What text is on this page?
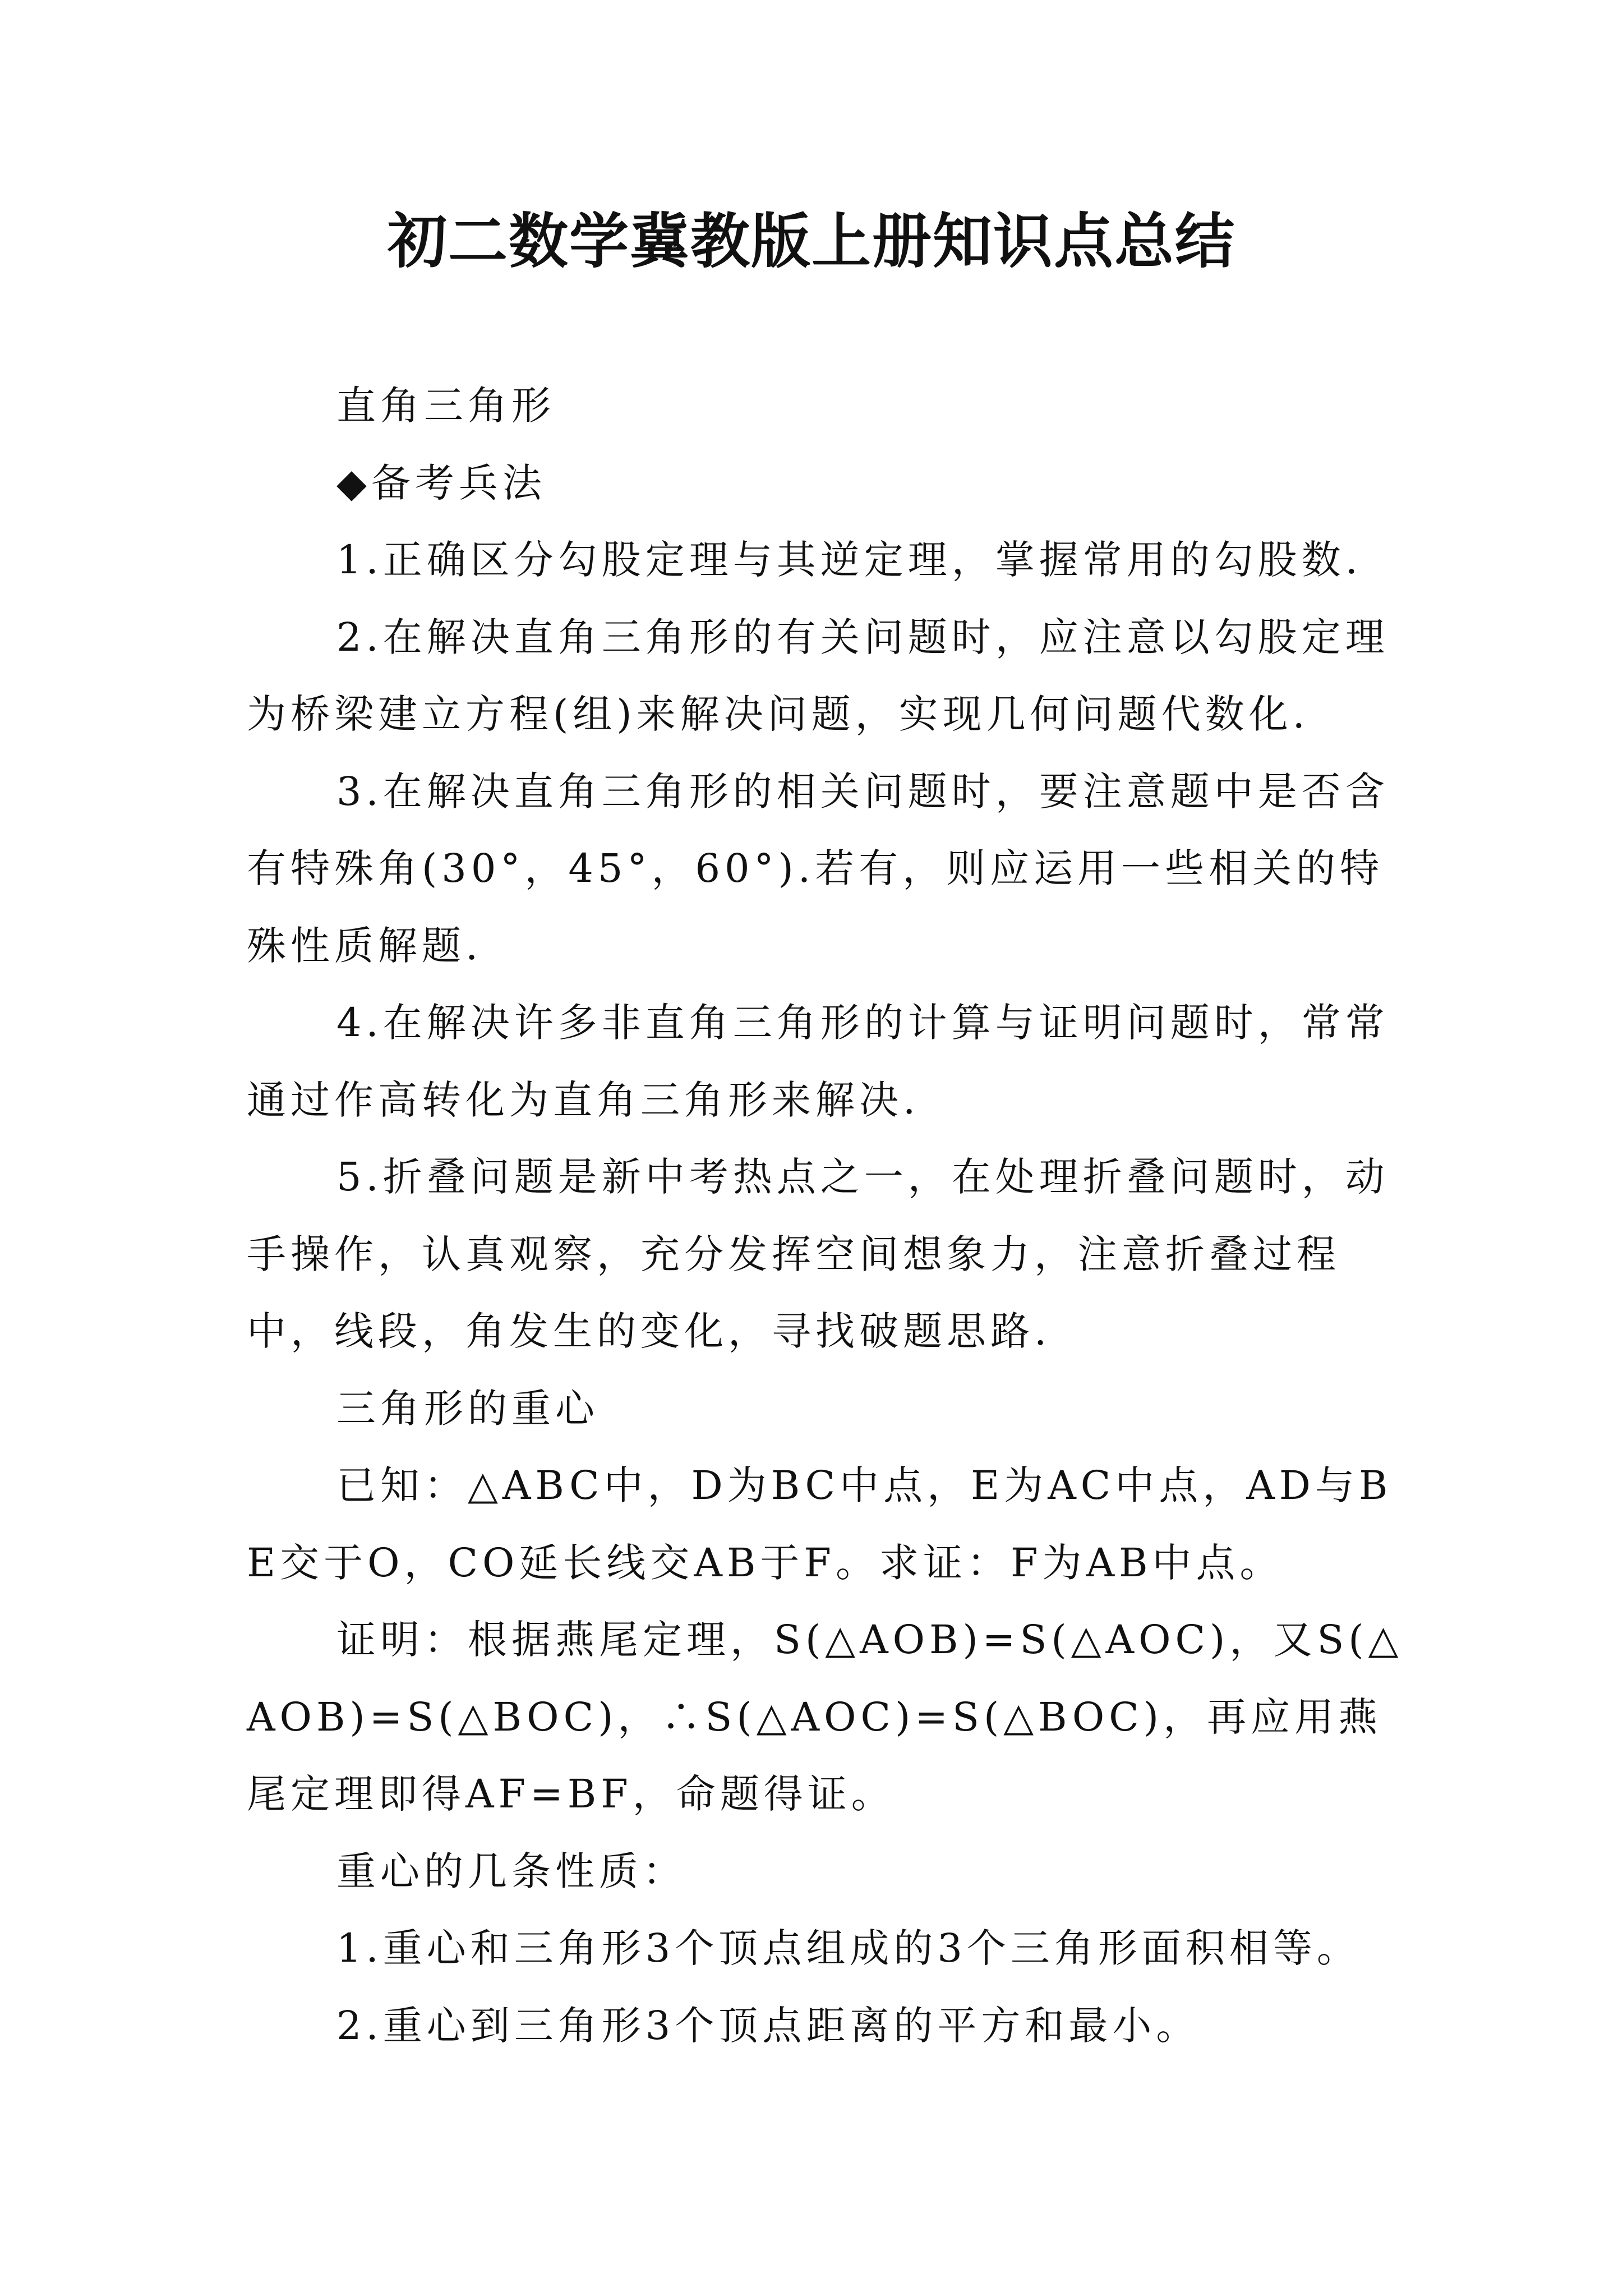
初二数学冀教版上册知识点总结

直角三角形

◆备考兵法

1.正确区分勾股定理与其逆定理，掌握常用的勾股数.

2.在解决直角三角形的有关问题时，应注意以勾股定理为桥梁建立方程(组)来解决问题，实现几何问题代数化.

3.在解决直角三角形的相关问题时，要注意题中是否含有特殊角(30°，45°，60°).若有，则应运用一些相关的特殊性质解题.

4.在解决许多非直角三角形的计算与证明问题时，常常通过作高转化为直角三角形来解决.

5.折叠问题是新中考热点之一，在处理折叠问题时，动手操作，认真观察，充分发挥空间想象力，注意折叠过程中，线段，角发生的变化，寻找破题思路.

三角形的重心

已知：△ABC中，D为BC中点，E为AC中点，AD与BE交于O，CO延长线交AB于F。求证：F为AB中点。

证明：根据燕尾定理，S(△AOB)=S(△AOC)，又S(△AOB)=S(△BOC)，∴S(△AOC)=S(△BOC)，再应用燕尾定理即得AF=BF，命题得证。

重心的几条性质：

1.重心和三角形3个顶点组成的3个三角形面积相等。

2.重心到三角形3个顶点距离的平方和最小。
